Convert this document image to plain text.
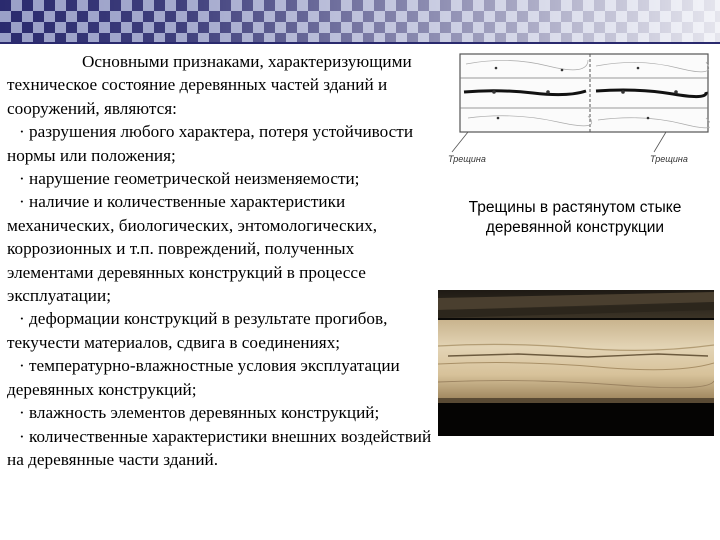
Основными признаками, характеризующими техническое состояние деревянных частей зданий и сооружений, являются:

· разрушения любого характера, потеря устойчивости нормы или положения;

· нарушение геометрической неизменяемости;

· наличие и количественные характеристики механических, биологических, энтомологических, коррозионных и т.п. повреждений, полученных элементами деревянных конструкций в процессе эксплуатации;

· деформации конструкций в результате прогибов, текучести материалов, сдвига в соединениях;

· температурно-влажностные условия эксплуатации деревянных конструкций;

· влажность элементов деревянных конструкций;

· количественные характеристики внешних воздействий на деревянные части зданий.

Трещина	Трещина
Трещины в растянутом стыке деревянной конструкции
